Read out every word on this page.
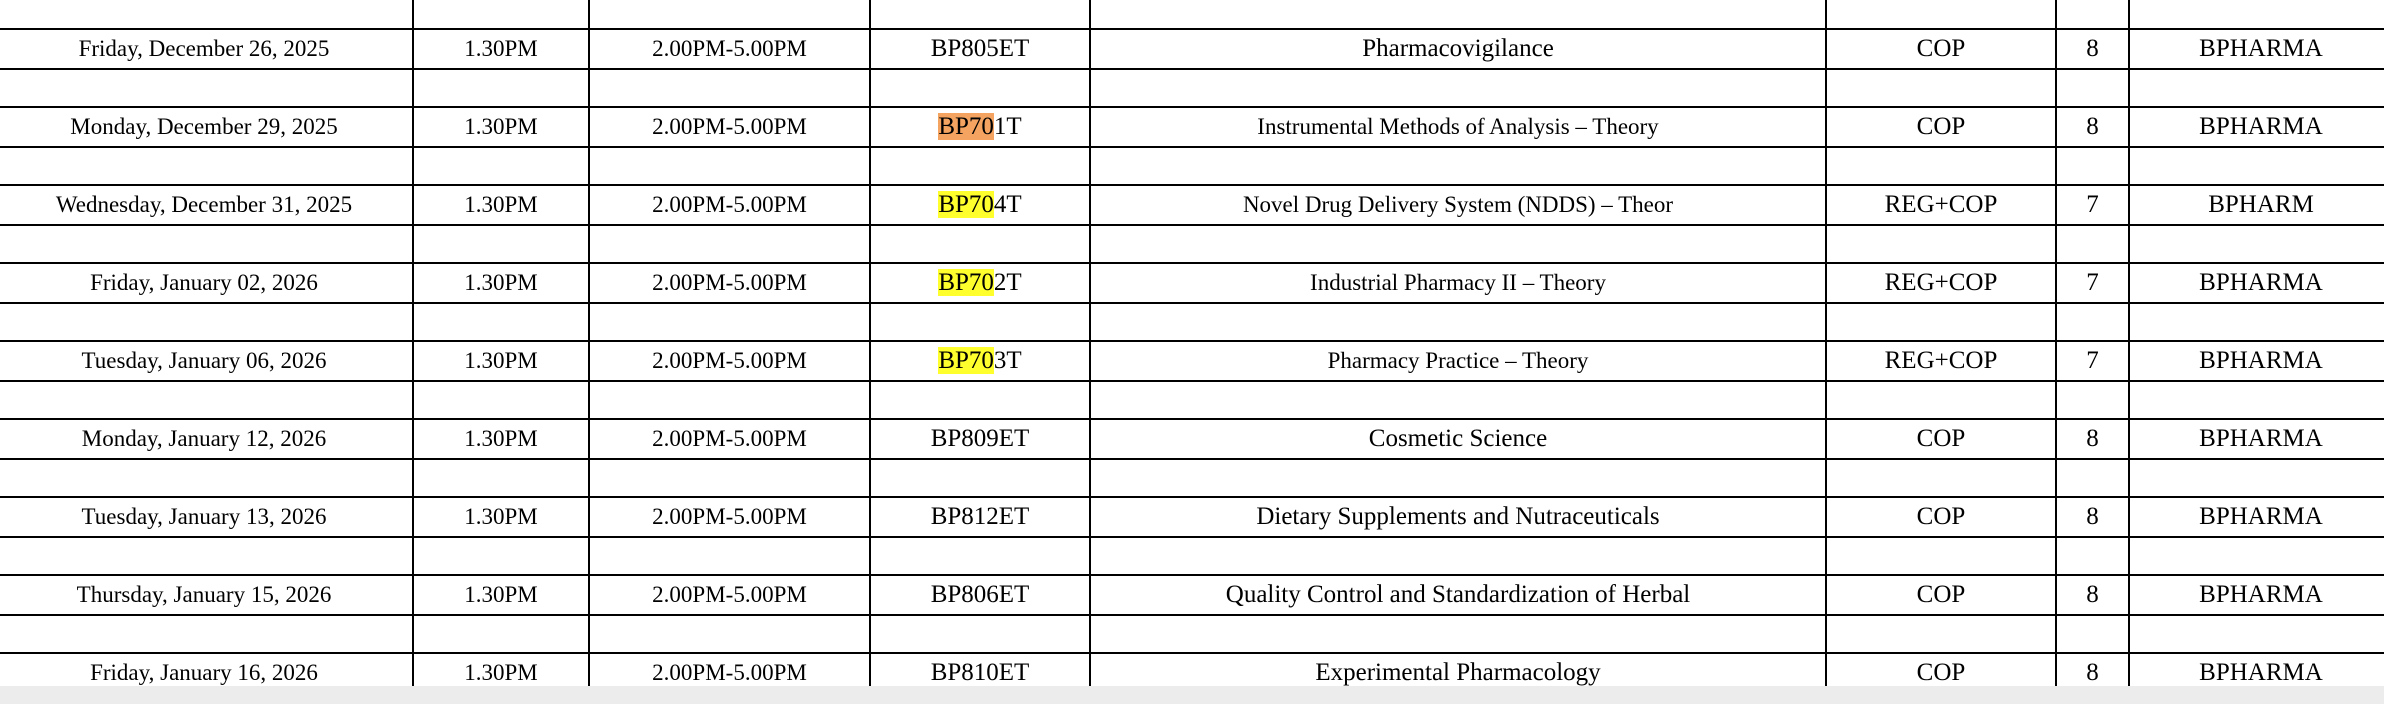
Friday, December 26, 2025	1.30PM	2.00PM-5.00PM	BP805ET	Pharmacovigilance	COP	8	BPHARMA

Monday, December 29, 2025	1.30PM	2.00PM-5.00PM	BP701T	Instrumental Methods of Analysis – Theory	COP	8	BPHARMA

Wednesday, December 31, 2025	1.30PM	2.00PM-5.00PM	BP704T	Novel Drug Delivery System (NDDS) – Theor	REG+COP	7	BPHARM

Friday, January 02, 2026	1.30PM	2.00PM-5.00PM	BP702T	Industrial Pharmacy II – Theory	REG+COP	7	BPHARMA

Tuesday, January 06, 2026	1.30PM	2.00PM-5.00PM	BP703T	Pharmacy Practice – Theory	REG+COP	7	BPHARMA

Monday, January 12, 2026	1.30PM	2.00PM-5.00PM	BP809ET	Cosmetic Science	COP	8	BPHARMA

Tuesday, January 13, 2026	1.30PM	2.00PM-5.00PM	BP812ET	Dietary Supplements and Nutraceuticals	COP	8	BPHARMA

Thursday, January 15, 2026	1.30PM	2.00PM-5.00PM	BP806ET	Quality Control and Standardization of Herbal	COP	8	BPHARMA

Friday, January 16, 2026	1.30PM	2.00PM-5.00PM	BP810ET	Experimental Pharmacology	COP	8	BPHARMA
